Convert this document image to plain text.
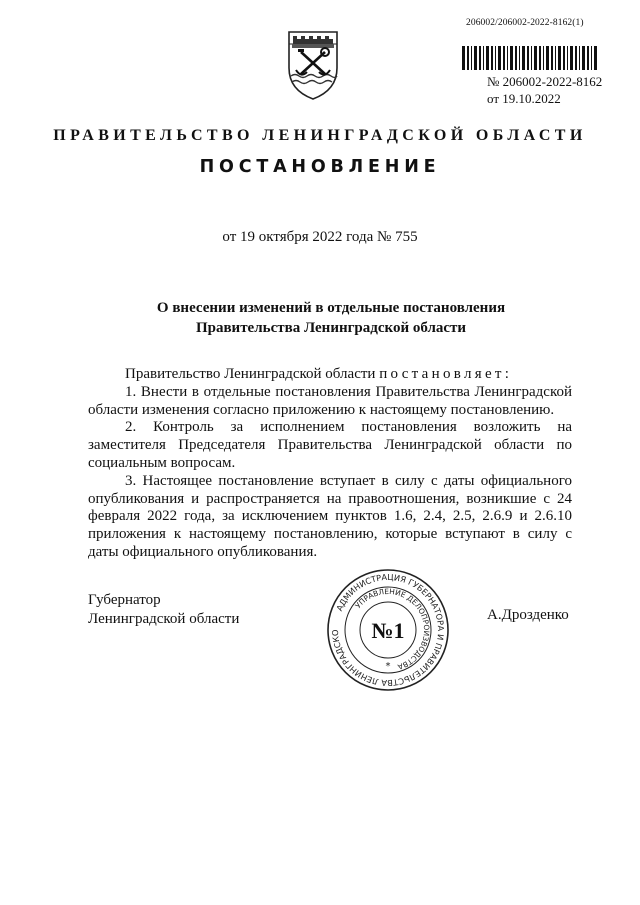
206002/206002-2022-8162(1)
№ 206002-2022-8162
от 19.10.2022
ПРАВИТЕЛЬСТВО ЛЕНИНГРАДСКОЙ ОБЛАСТИ
ПОСТАНОВЛЕНИЕ
от 19 октября 2022 года № 755
О внесении изменений в отдельные постановления
Правительства Ленинградской области

Правительство Ленинградской области постановляет:

1. Внести в отдельные постановления Правительства Ленинградской области изменения согласно приложению к настоящему постановлению.

2. Контроль за исполнением постановления возложить на заместителя Председателя Правительства Ленинградской области по социальным вопросам.

3. Настоящее постановление вступает в силу с даты официального опубликования и распространяется на правоотношения, возникшие с 24 февраля 2022 года, за исключением пунктов 1.6, 2.4, 2.5, 2.6.9 и 2.6.10 приложения к настоящему постановлению, которые вступают в силу с даты официального опубликования.

Губернатор
Ленинградской области	А.Дрозденко
АДМИНИСТРАЦИЯ ГУБЕРНАТОРА И ПРАВИТЕЛЬСТВА ЛЕНИНГРАДСКО
УПРАВЛЕНИЕ ДЕЛОПРОИЗВОДСТВА
№1
*
